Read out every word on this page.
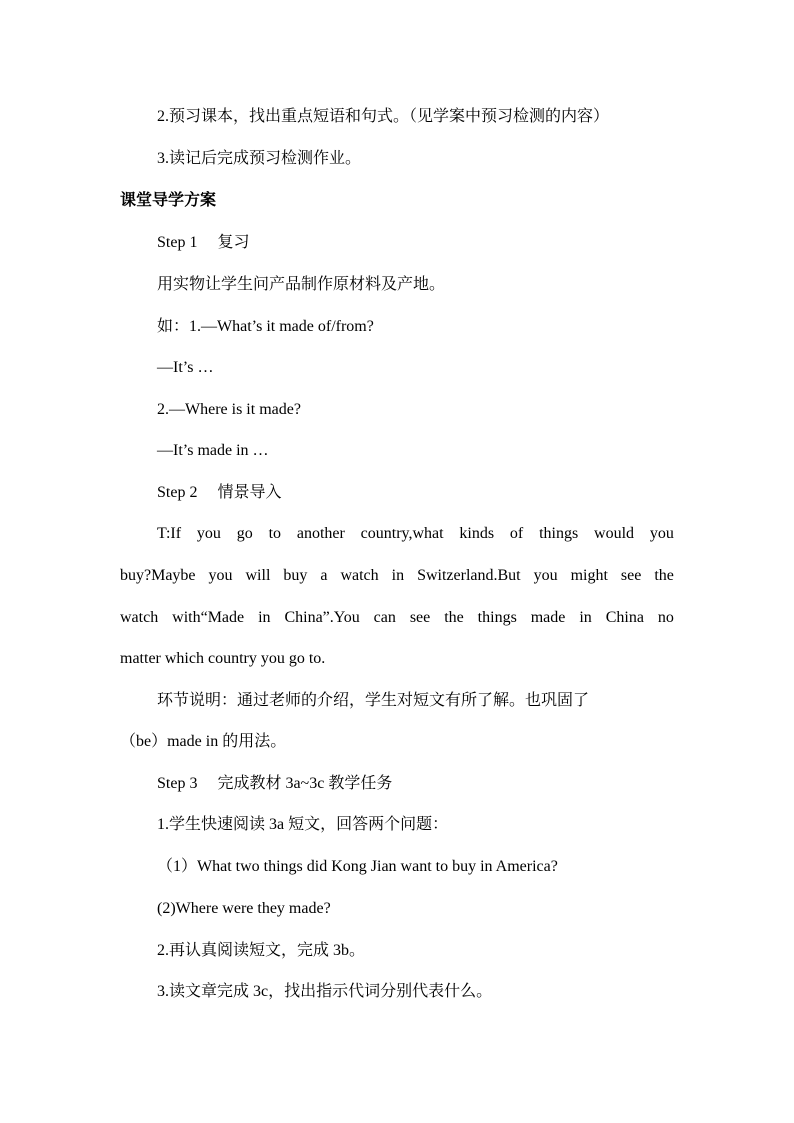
2.预习课本，找出重点短语和句式。（见学案中预习检测的内容）
3.读记后完成预习检测作业。
课堂导学方案
Step 1 复习
用实物让学生问产品制作原材料及产地。
如：1.—What’s it made of/from?
—It’s …
2.—Where is it made?
—It’s made in …
Step 2 情景导入
T:If you go to another country,what kinds of things would you
buy?Maybe you will buy a watch in Switzerland.But you might see the
watch with“Made in China”.You can see the things made in China no
matter which country you go to.
环节说明：通过老师的介绍，学生对短文有所了解。也巩固了
（be）made in 的用法。
Step 3 完成教材 3a~3c 教学任务
1.学生快速阅读 3a 短文，回答两个问题：
（1）What two things did Kong Jian want to buy in America?
(2)Where were they made?
2.再认真阅读短文，完成 3b。
3.读文章完成 3c，找出指示代词分别代表什么。
